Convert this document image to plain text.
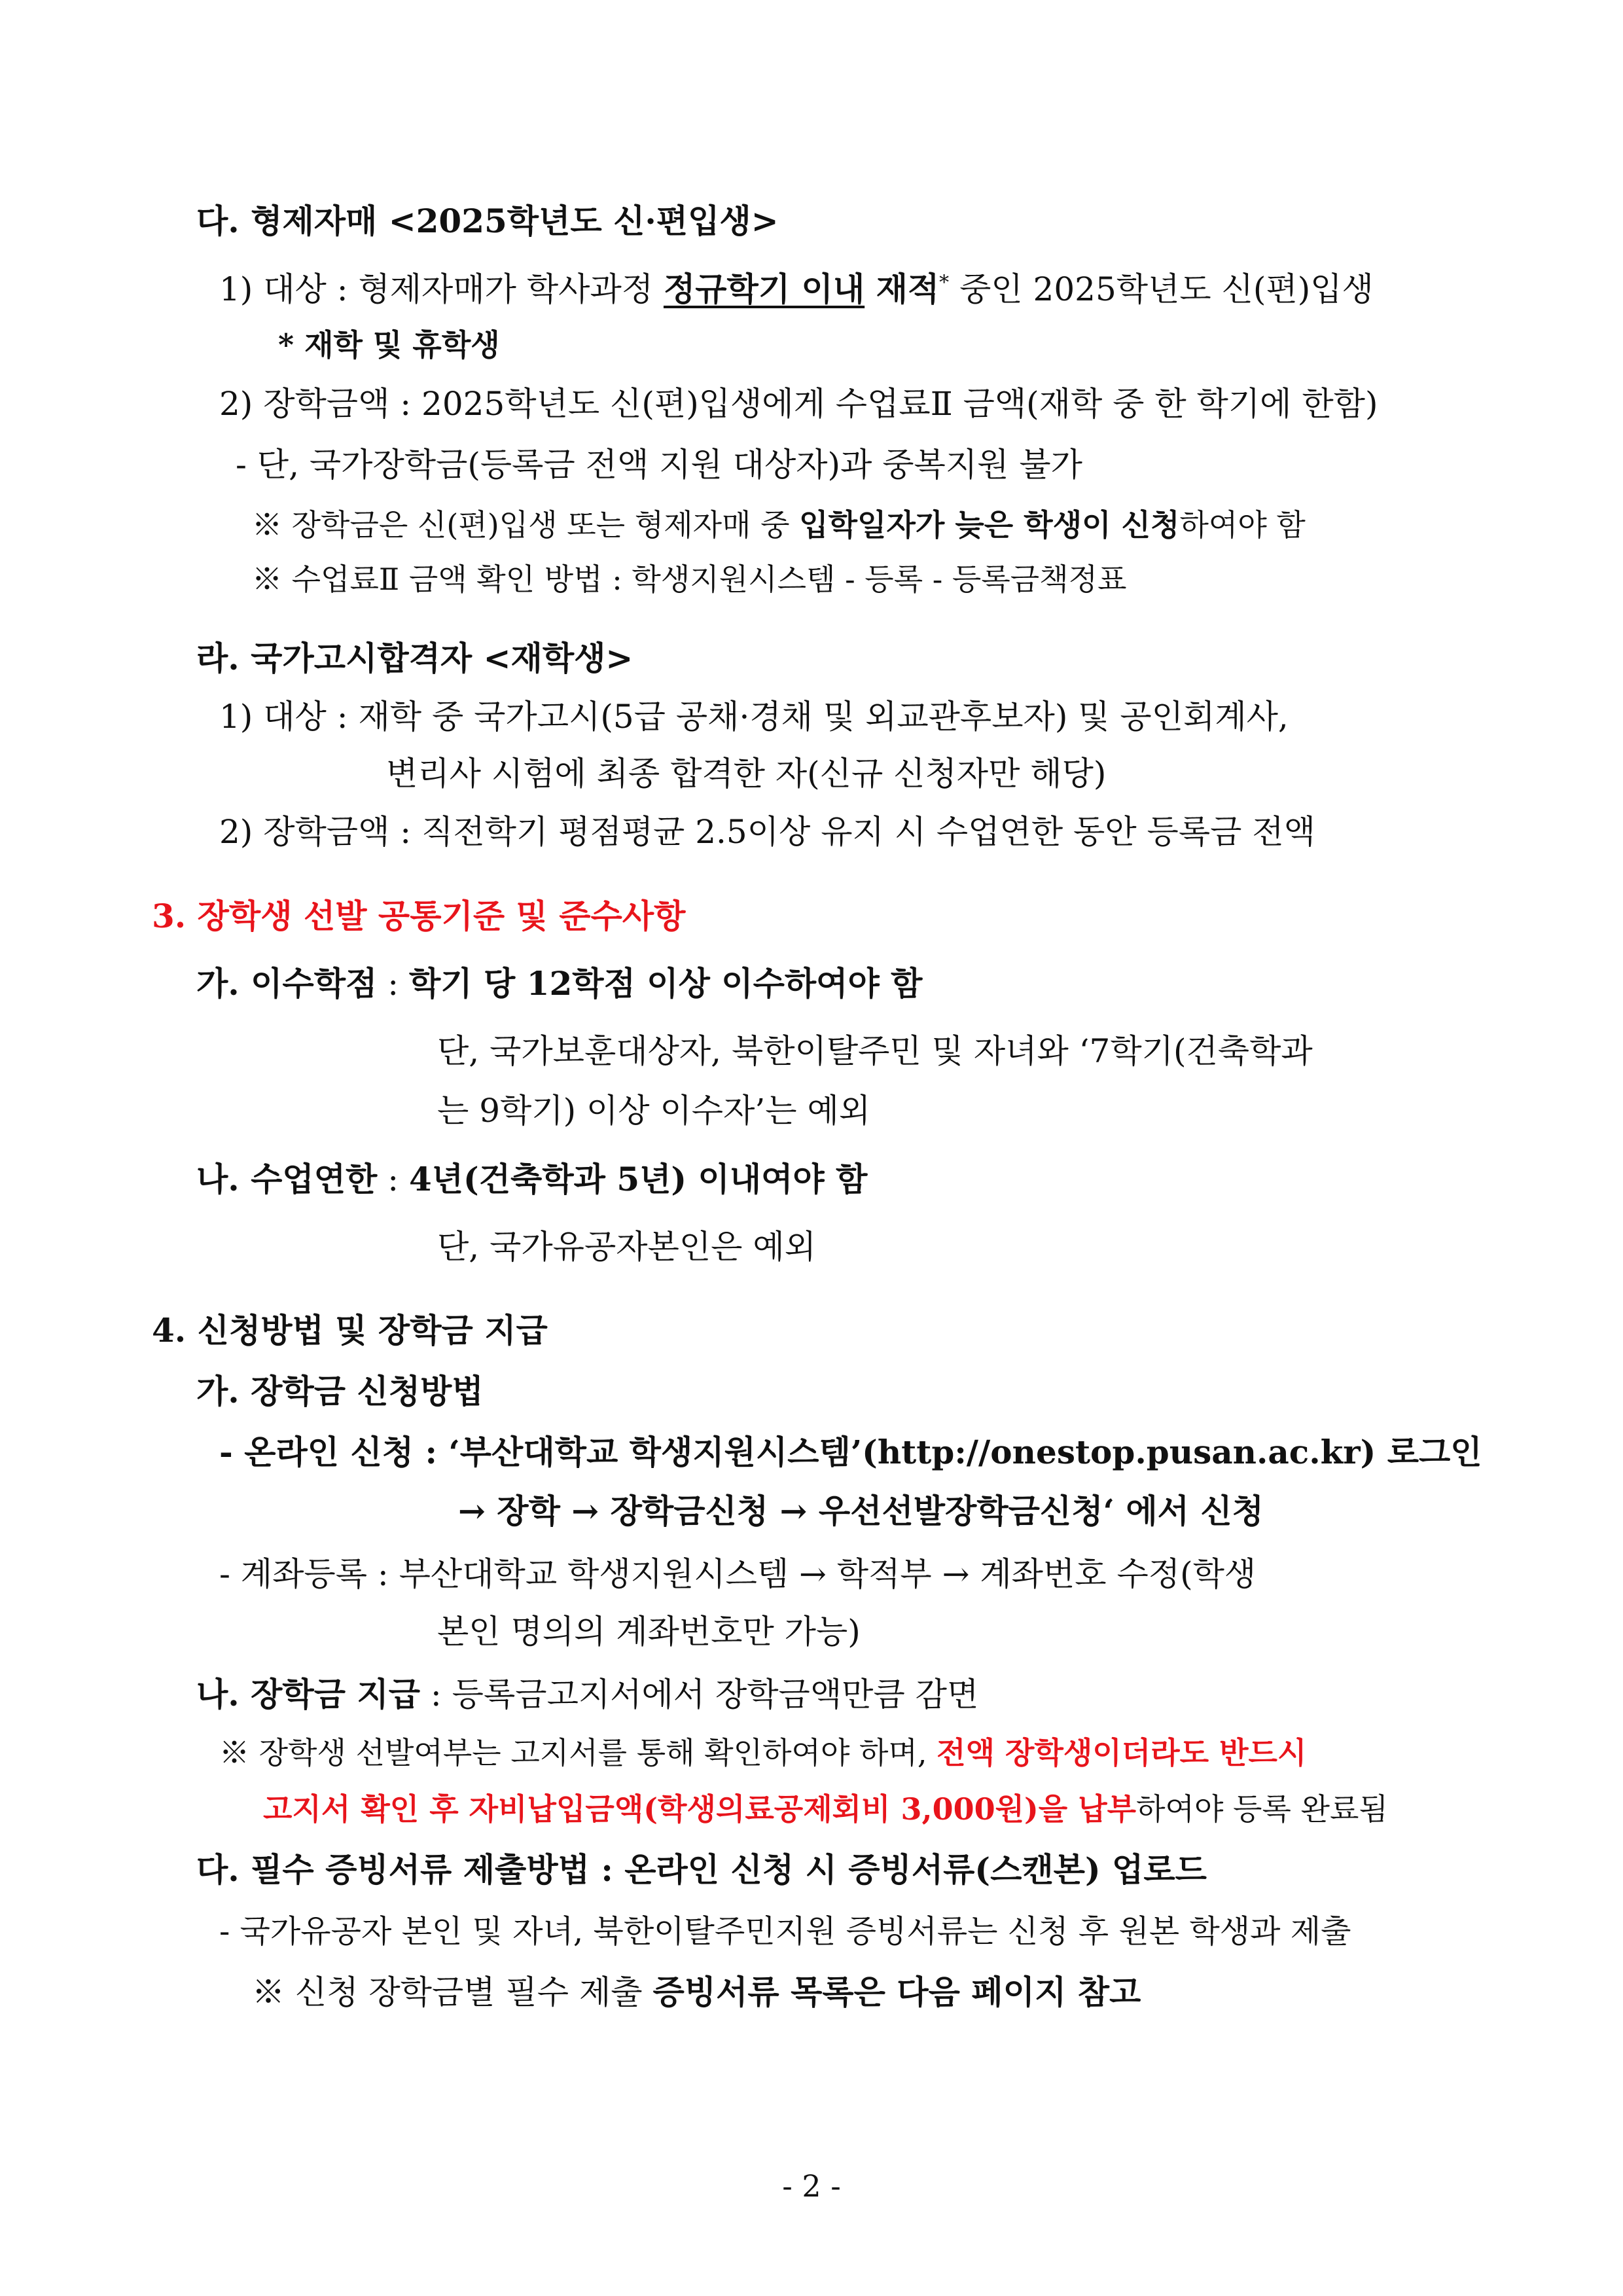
다. 형제자매 <2025학년도 신·편입생>
1) 대상 : 형제자매가 학사과정 정규학기 이내 재적* 중인 2025학년도 신(편)입생
* 재학 및 휴학생
2) 장학금액 : 2025학년도 신(편)입생에게 수업료Ⅱ 금액(재학 중 한 학기에 한함)
- 단, 국가장학금(등록금 전액 지원 대상자)과 중복지원 불가
※ 장학금은 신(편)입생 또는 형제자매 중 입학일자가 늦은 학생이 신청하여야 함
※ 수업료Ⅱ 금액 확인 방법 : 학생지원시스템 - 등록 - 등록금책정표
라. 국가고시합격자 <재학생>
1) 대상 : 재학 중 국가고시(5급 공채·경채 및 외교관후보자) 및 공인회계사,
변리사 시험에 최종 합격한 자(신규 신청자만 해당)
2) 장학금액 : 직전학기 평점평균 2.5이상 유지 시 수업연한 동안 등록금 전액
3. 장학생 선발 공통기준 및 준수사항
가. 이수학점 : 학기 당 12학점 이상 이수하여야 함
단, 국가보훈대상자, 북한이탈주민 및 자녀와 ‘7학기(건축학과
는 9학기) 이상 이수자’는 예외
나. 수업연한 : 4년(건축학과 5년) 이내여야 함
단, 국가유공자본인은 예외
4. 신청방법 및 장학금 지급
가. 장학금 신청방법
- 온라인 신청 : ‘부산대학교 학생지원시스템’(http://onestop.pusan.ac.kr) 로그인
→ 장학 → 장학금신청 → 우선선발장학금신청‘ 에서 신청
- 계좌등록 : 부산대학교 학생지원시스템 → 학적부 → 계좌번호 수정(학생
본인 명의의 계좌번호만 가능)
나. 장학금 지급 : 등록금고지서에서 장학금액만큼 감면
※ 장학생 선발여부는 고지서를 통해 확인하여야 하며, 전액 장학생이더라도 반드시
고지서 확인 후 자비납입금액(학생의료공제회비 3,000원)을 납부하여야 등록 완료됨
다. 필수 증빙서류 제출방법 : 온라인 신청 시 증빙서류(스캔본) 업로드
- 국가유공자 본인 및 자녀, 북한이탈주민지원 증빙서류는 신청 후 원본 학생과 제출
※ 신청 장학금별 필수 제출 증빙서류 목록은 다음 페이지 참고
- 2 -
